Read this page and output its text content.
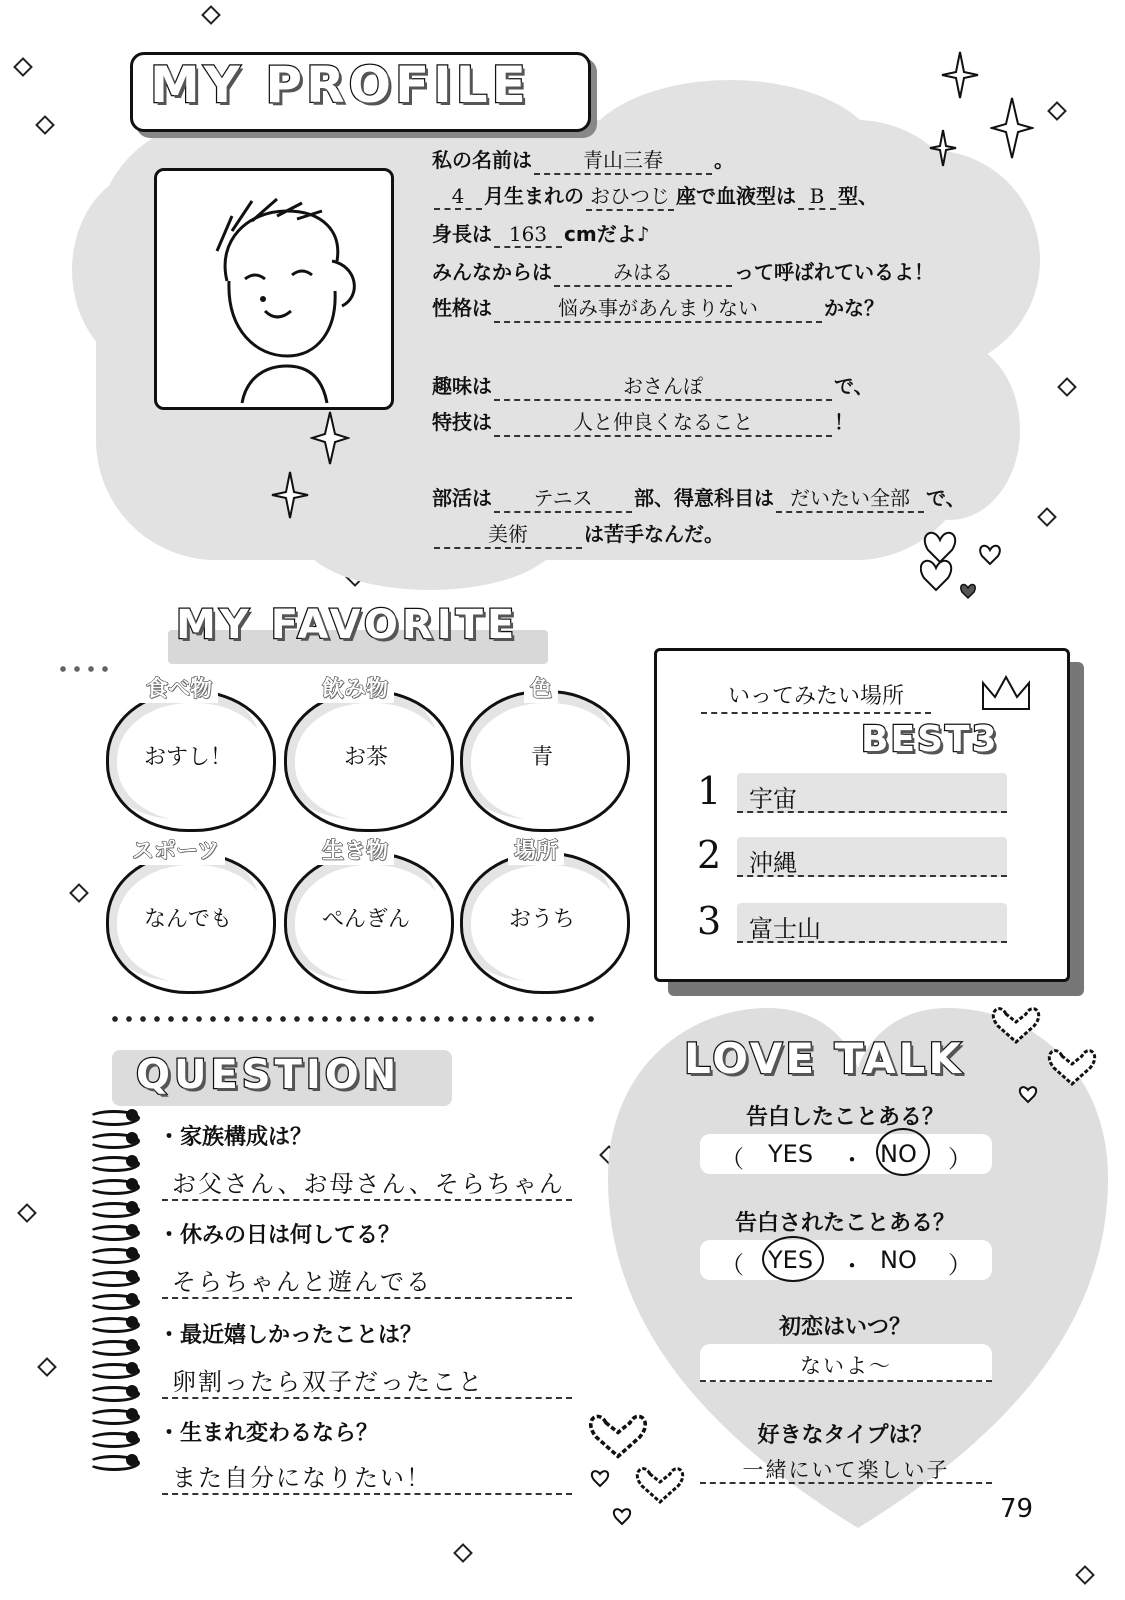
MY PROFILE
私の名前は	青山三春	。
4 月生まれの おひつじ 座で血液型は B 型、
身長は 163 cmだよ♪
みんなからは	みはる	って呼ばれているよ！
性格は	悩み事があんまりない	かな？
趣味は	おさんぽ	で、
特技は	人と仲良くなること	！
部活は テニス 部、得意科目は だいたい全部 で、
美術	は苦手なんだ。
MY FAVORITE
食べ物
おすし！
飲み物
お茶
色
青
スポーツ
なんでも
生き物
ぺんぎん
場所
おうち
いってみたい場所
BEST3
1 宇宙
2 沖縄
3 富士山
QUESTION
・家族構成は？
お父さん、お母さん、そらちゃん
・休みの日は何してる？
そらちゃんと遊んでる
・最近嬉しかったことは？
卵割ったら双子だったこと
・生まれ変わるなら？
また自分になりたい！
LOVE TALK
告白したことある？
（ YES ・ NO ）
告白されたことある？
（ YES ・ NO ）
初恋はいつ？
ないよ〜
好きなタイプは？
一緒にいて楽しい子
79
